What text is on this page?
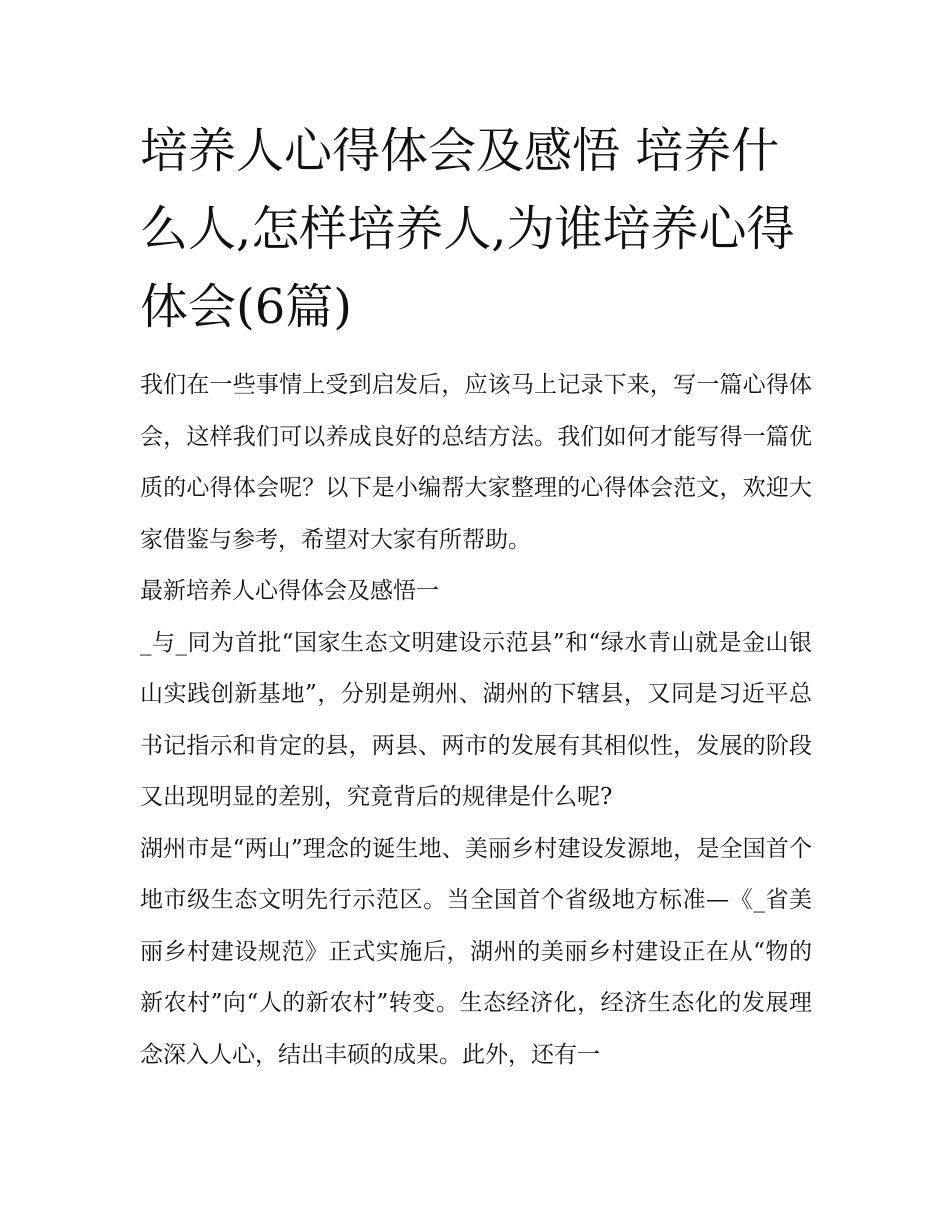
培养人心得体会及感悟 培养什么人,怎样培养人,为谁培养心得体会(6篇)

我们在一些事情上受到启发后，应该马上记录下来，写一篇心得体会，这样我们可以养成良好的总结方法。我们如何才能写得一篇优质的心得体会呢？以下是小编帮大家整理的心得体会范文，欢迎大家借鉴与参考，希望对大家有所帮助。

最新培养人心得体会及感悟一

_与_同为首批“国家生态文明建设示范县”和“绿水青山就是金山银山实践创新基地”，分别是朔州、湖州的下辖县，又同是习近平总书记指示和肯定的县，两县、两市的发展有其相似性，发展的阶段又出现明显的差别，究竟背后的规律是什么呢?

湖州市是“两山”理念的诞生地、美丽乡村建设发源地，是全国首个地市级生态文明先行示范区。当全国首个省级地方标准—《_省美丽乡村建设规范》正式实施后，湖州的美丽乡村建设正在从“物的新农村”向“人的新农村”转变。生态经济化，经济生态化的发展理念深入人心，结出丰硕的成果。此外，还有一
